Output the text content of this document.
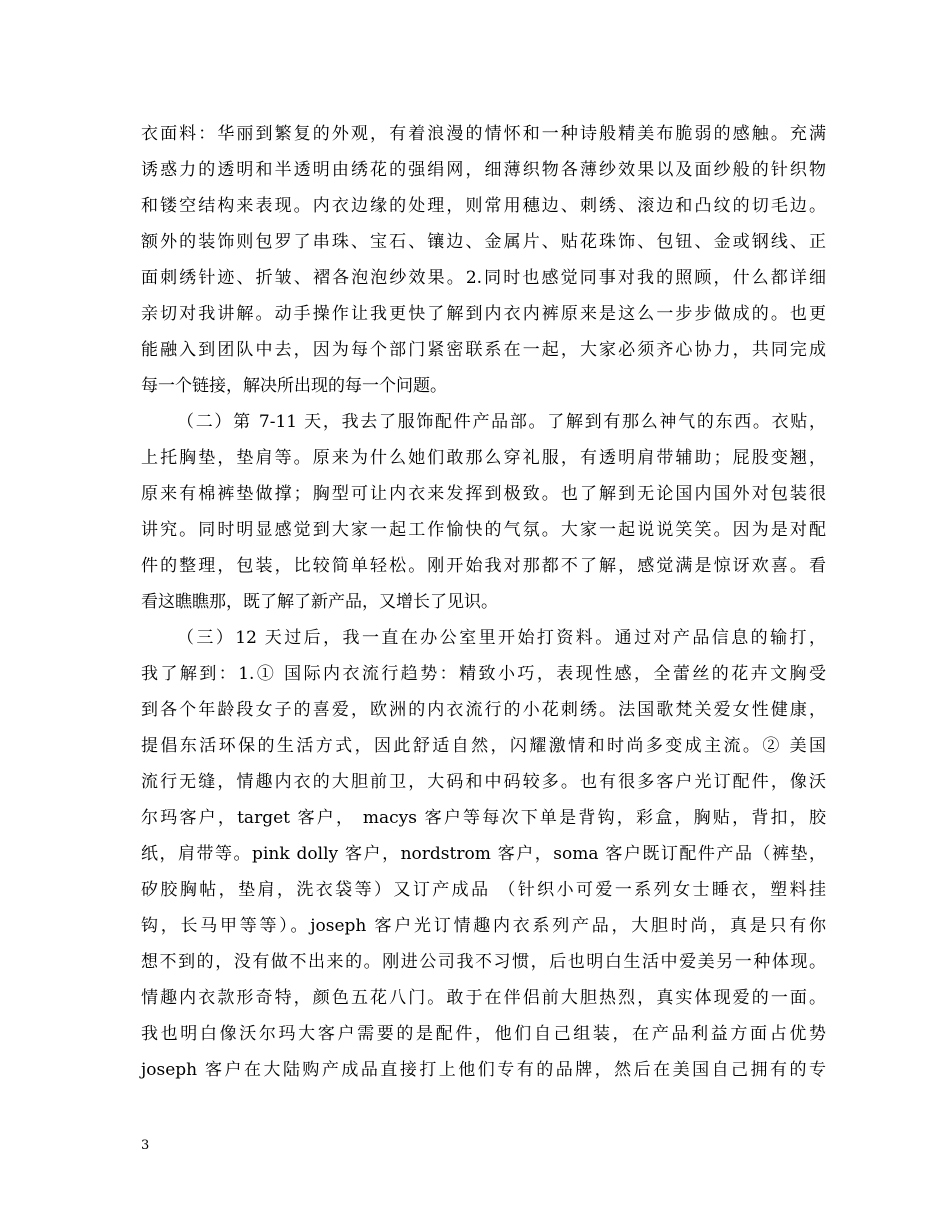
衣面料：华丽到繁复的外观，有着浪漫的情怀和一种诗般精美布脆弱的感触。充满
诱惑力的透明和半透明由绣花的强绢网，细薄织物各薄纱效果以及面纱般的针织物
和镂空结构来表现。内衣边缘的处理，则常用穗边、刺绣、滚边和凸纹的切毛边。
额外的装饰则包罗了串珠、宝石、镶边、金属片、贴花珠饰、包钮、金或钢线、正
面刺绣针迹、折皱、褶各泡泡纱效果。2.同时也感觉同事对我的照顾，什么都详细
亲切对我讲解。动手操作让我更快了解到内衣内裤原来是这么一步步做成的。也更
能融入到团队中去，因为每个部门紧密联系在一起，大家必须齐心协力，共同完成
每一个链接，解决所出现的每一个问题。
（二）第 7-11 天，我去了服饰配件产品部。了解到有那么神气的东西。衣贴，
上托胸垫，垫肩等。原来为什么她们敢那么穿礼服，有透明肩带辅助；屁股变翘，
原来有棉裤垫做撑；胸型可让内衣来发挥到极致。也了解到无论国内国外对包装很
讲究。同时明显感觉到大家一起工作愉快的气氛。大家一起说说笑笑。因为是对配
件的整理，包装，比较简单轻松。刚开始我对那都不了解，感觉满是惊讶欢喜。看
看这瞧瞧那，既了解了新产品，又增长了见识。
（三）12 天过后，我一直在办公室里开始打资料。通过对产品信息的输打，
我了解到：1.① 国际内衣流行趋势：精致小巧，表现性感，全蕾丝的花卉文胸受
到各个年龄段女子的喜爱，欧洲的内衣流行的小花刺绣。法国歌梵关爱女性健康，
提倡东活环保的生活方式，因此舒适自然，闪耀激情和时尚多变成主流。② 美国
流行无缝，情趣内衣的大胆前卫，大码和中码较多。也有很多客户光订配件，像沃
尔玛客户，target 客户， macys 客户等每次下单是背钩，彩盒，胸贴，背扣，胶
纸，肩带等。pink dolly 客户，nordstrom 客户，soma 客户既订配件产品（裤垫，
矽胶胸帖，垫肩，洗衣袋等）又订产成品 （针织小可爱一系列女士睡衣，塑料挂
钩，长马甲等等）。joseph 客户光订情趣内衣系列产品，大胆时尚，真是只有你
想不到的，没有做不出来的。刚进公司我不习惯，后也明白生活中爱美另一种体现。
情趣内衣款形奇特，颜色五花八门。敢于在伴侣前大胆热烈，真实体现爱的一面。
我也明白像沃尔玛大客户需要的是配件，他们自己组装，在产品利益方面占优势
joseph 客户在大陆购产成品直接打上他们专有的品牌，然后在美国自己拥有的专
3
